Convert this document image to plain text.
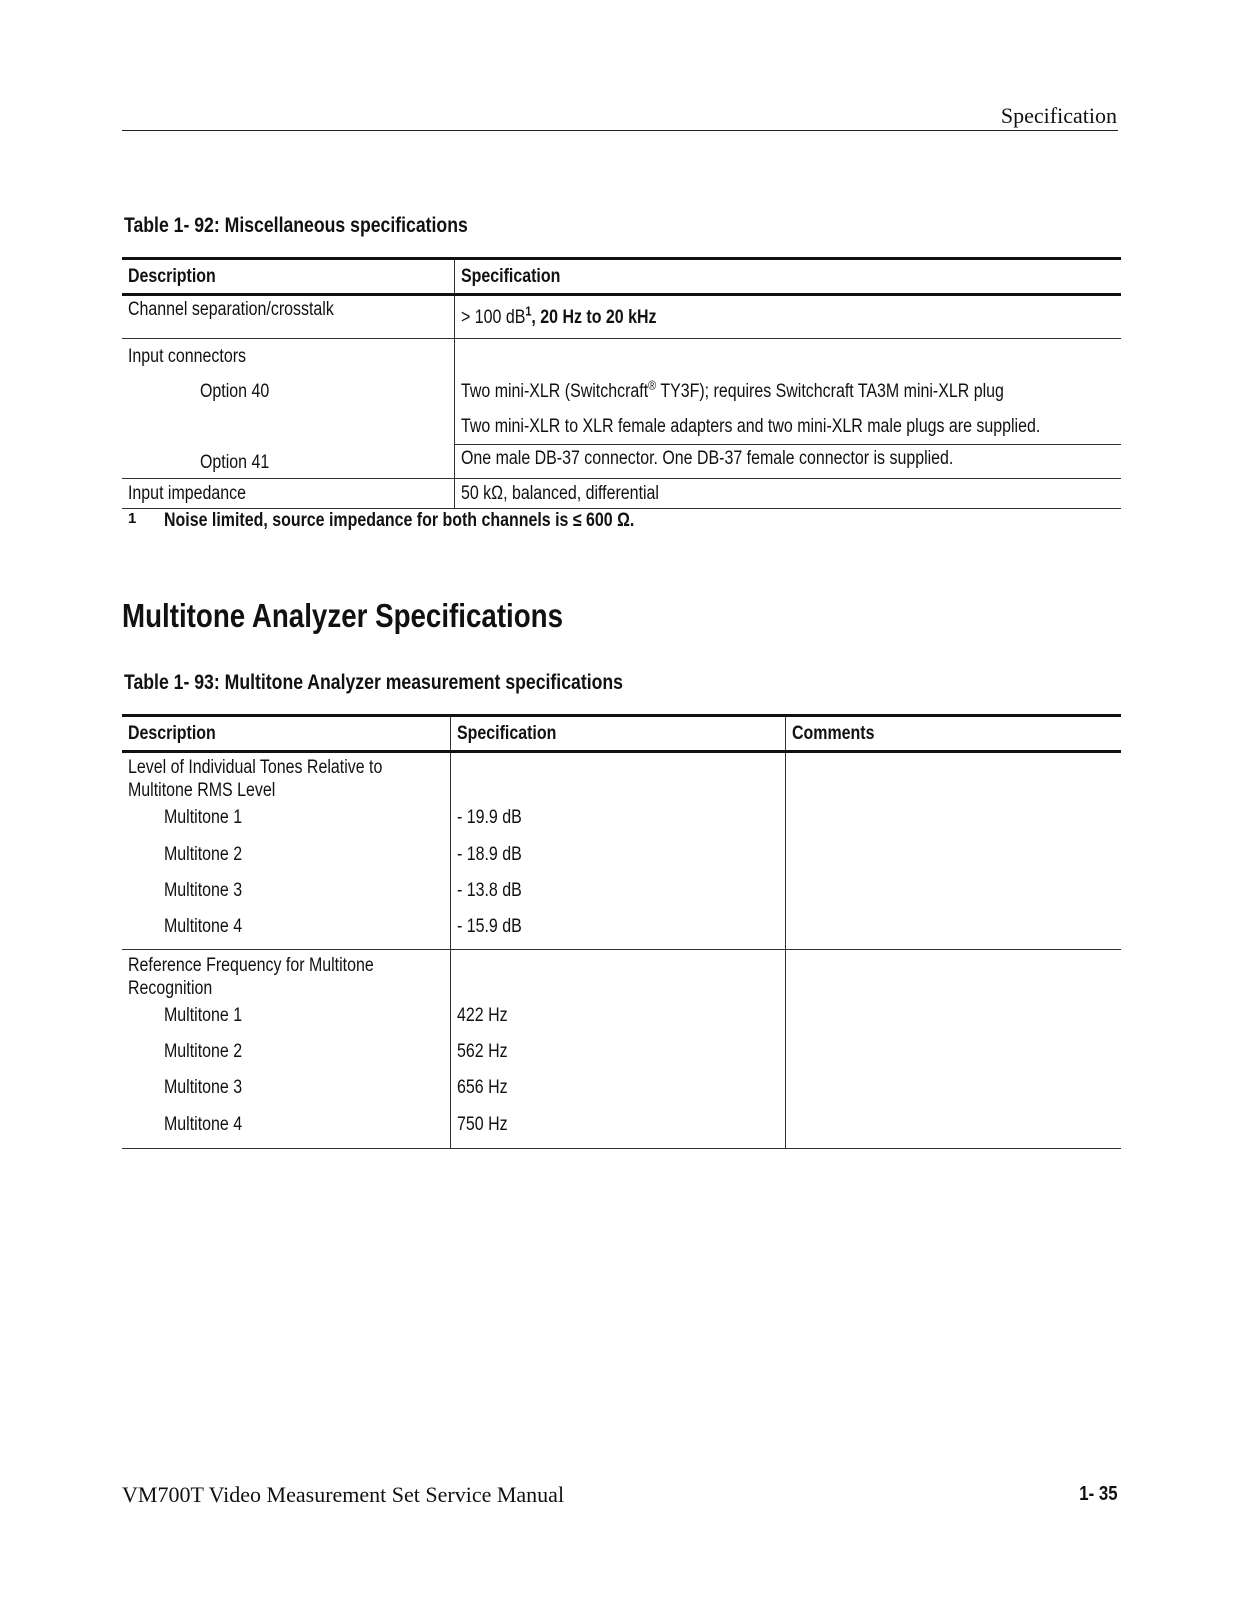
Specification
Table 1- 92: Miscellaneous specifications
Description	Specification
Channel separation/crosstalk	> 100 $dB^1$, 20 Hz to 20 kHz
Input connectors	
Option 40	Two mini-XLR (Switchcraft® TY3F); requires Switchcraft TA3M mini-XLR plug
	Two mini-XLR to XLR female adapters and two mini-XLR male plugs are supplied.
Option 41	One male DB-37 connector. One DB-37 female connector is supplied.
Input impedance	50 kΩ, balanced, differential
1 Noise limited, source impedance for both channels is ≤ 600 Ω.
Multitone Analyzer Specifications
Table 1- 93: Multitone Analyzer measurement specifications
Description	Specification	Comments
Level of Individual Tones Relative to
Multitone RMS Level		
Multitone 1	- 19.9 dB	
Multitone 2	- 18.9 dB	
Multitone 3	- 13.8 dB	
Multitone 4	- 15.9 dB	
Reference Frequency for Multitone
Recognition		
Multitone 1	422 Hz	
Multitone 2	562 Hz	
Multitone 3	656 Hz	
Multitone 4	750 Hz	
VM700T Video Measurement Set Service Manual	1- 35
